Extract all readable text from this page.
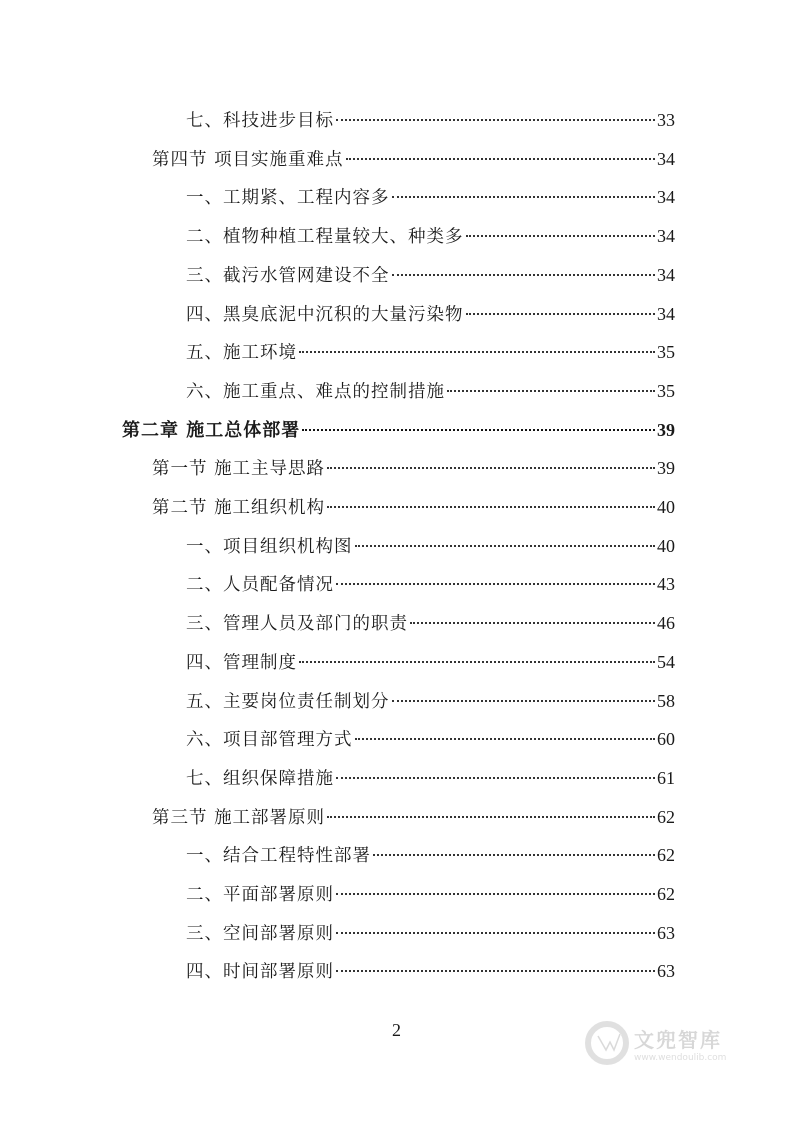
七、科技进步目标	33
第四节 项目实施重难点	34
一、工期紧、工程内容多	34
二、植物种植工程量较大、种类多	34
三、截污水管网建设不全	34
四、黑臭底泥中沉积的大量污染物	34
五、施工环境	35
六、施工重点、难点的控制措施	35
第二章 施工总体部署	39
第一节 施工主导思路	39
第二节 施工组织机构	40
一、项目组织机构图	40
二、人员配备情况	43
三、管理人员及部门的职责	46
四、管理制度	54
五、主要岗位责任制划分	58
六、项目部管理方式	60
七、组织保障措施	61
第三节 施工部署原则	62
一、结合工程特性部署	62
二、平面部署原则	62
三、空间部署原则	63
四、时间部署原则	63
2	文兜智库
www.wendoulib.com
